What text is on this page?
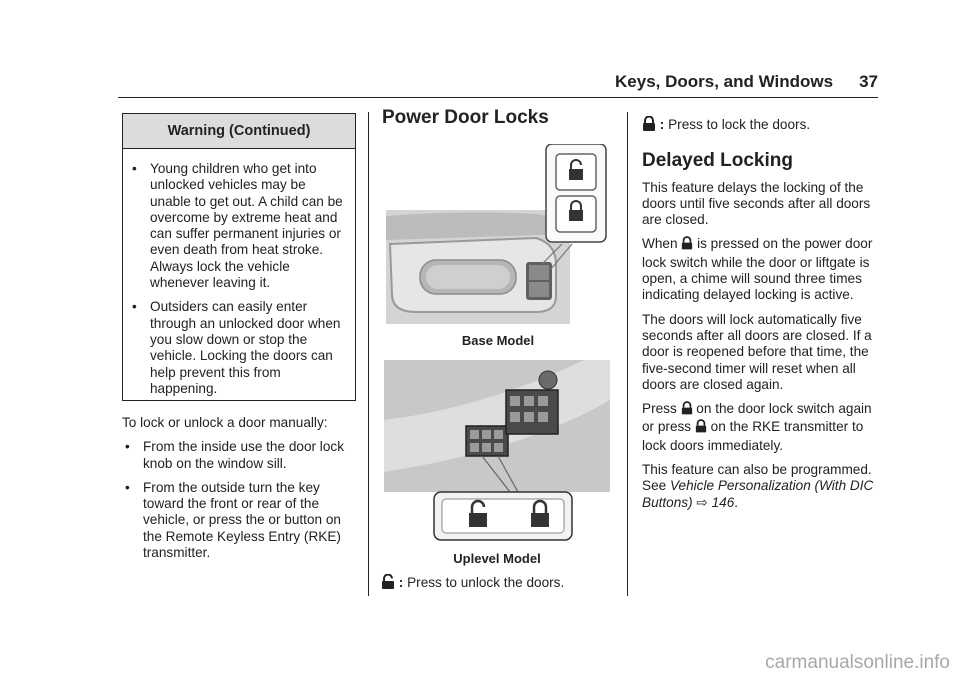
Keys, Doors, and Windows 37
Warning (Continued)
• Young children who get into unlocked vehicles may be unable to get out. A child can be overcome by extreme heat and can suffer permanent injuries or even death from heat stroke. Always lock the vehicle whenever leaving it.
• Outsiders can easily enter through an unlocked door when you slow down or stop the vehicle. Locking the doors can help prevent this from happening.

To lock or unlock a door manually:

• From the inside use the door lock knob on the window sill.
• From the outside turn the key toward the front or rear of the vehicle, or press the or button on the Remote Keyless Entry (RKE) transmitter.
Power Door Locks
Base Model
Uplevel Model
: Press to unlock the doors.

: Press to lock the doors.

Delayed Locking

This feature delays the locking of the doors until five seconds after all doors are closed.

When  is pressed on the power door lock switch while the door or liftgate is open, a chime will sound three times indicating delayed locking is active.

The doors will lock automatically five seconds after all doors are closed. If a door is reopened before that time, the five-second timer will reset when all doors are closed again.

Press  on the door lock switch again or press  on the RKE transmitter to lock doors immediately.

This feature can also be programmed. See Vehicle Personalization (With DIC Buttons) ⇨ 146.

carmanualsonline.info
